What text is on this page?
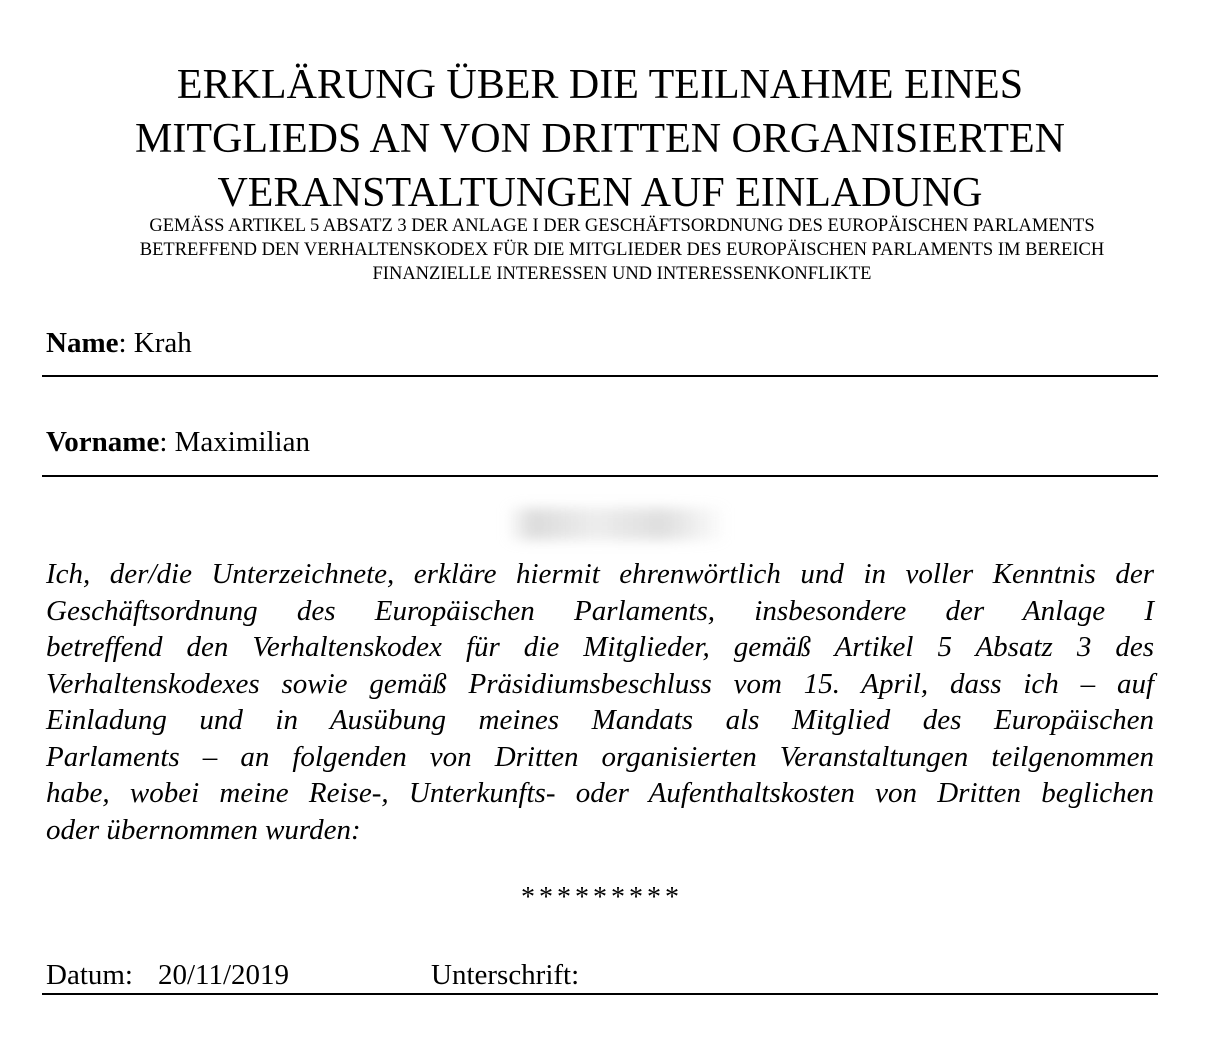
ERKLÄRUNG ÜBER DIE TEILNAHME EINES
MITGLIEDS AN VON DRITTEN ORGANISIERTEN
VERANSTALTUNGEN AUF EINLADUNG
GEMÄSS ARTIKEL 5 ABSATZ 3 DER ANLAGE I DER GESCHÄFTSORDNUNG DES EUROPÄISCHEN PARLAMENTS
BETREFFEND DEN VERHALTENSKODEX FÜR DIE MITGLIEDER DES EUROPÄISCHEN PARLAMENTS IM BEREICH
FINANZIELLE INTERESSEN UND INTERESSENKONFLIKTE
Name: Krah
Vorname: Maximilian
Ich, der/die Unterzeichnete, erkläre hiermit ehrenwörtlich und in voller Kenntnis der
Geschäftsordnung des Europäischen Parlaments, insbesondere der Anlage I
betreffend den Verhaltenskodex für die Mitglieder, gemäß Artikel 5 Absatz 3 des
Verhaltenskodexes sowie gemäß Präsidiumsbeschluss vom 15. April, dass ich – auf
Einladung und in Ausübung meines Mandats als Mitglied des Europäischen
Parlaments – an folgenden von Dritten organisierten Veranstaltungen teilgenommen
habe, wobei meine Reise-, Unterkunfts- oder Aufenthaltskosten von Dritten beglichen
oder übernommen wurden:
*********
Datum: 20/11/2019	Unterschrift:
